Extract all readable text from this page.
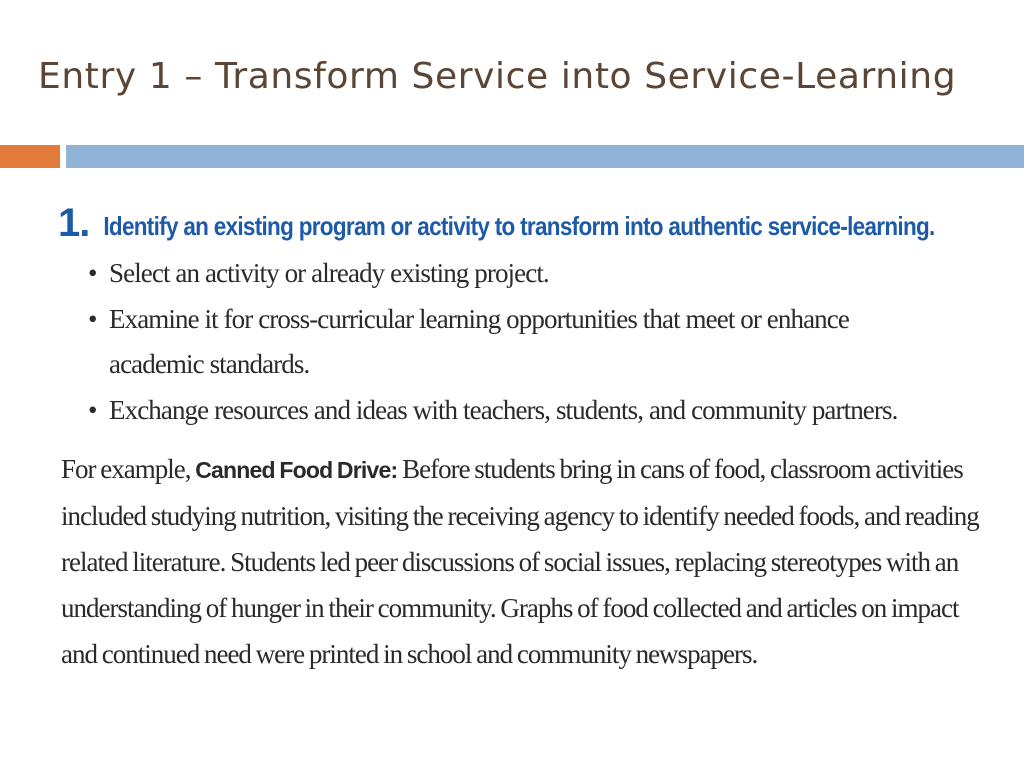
Entry 1 – Transform Service into Service-Learning
1. Identify an existing program or activity to transform into authentic service-learning.
• Select an activity or already existing project.
• Examine it for cross-curricular learning opportunities that meet or enhance academic standards.
• Exchange resources and ideas with teachers, students, and community partners.

For example, Canned Food Drive: Before students bring in cans of food, classroom activities included studying nutrition, visiting the receiving agency to identify needed foods, and reading related literature. Students led peer discussions of social issues, replacing stereotypes with an understanding of hunger in their community. Graphs of food collected and articles on impact and continued need were printed in school and community newspapers.
